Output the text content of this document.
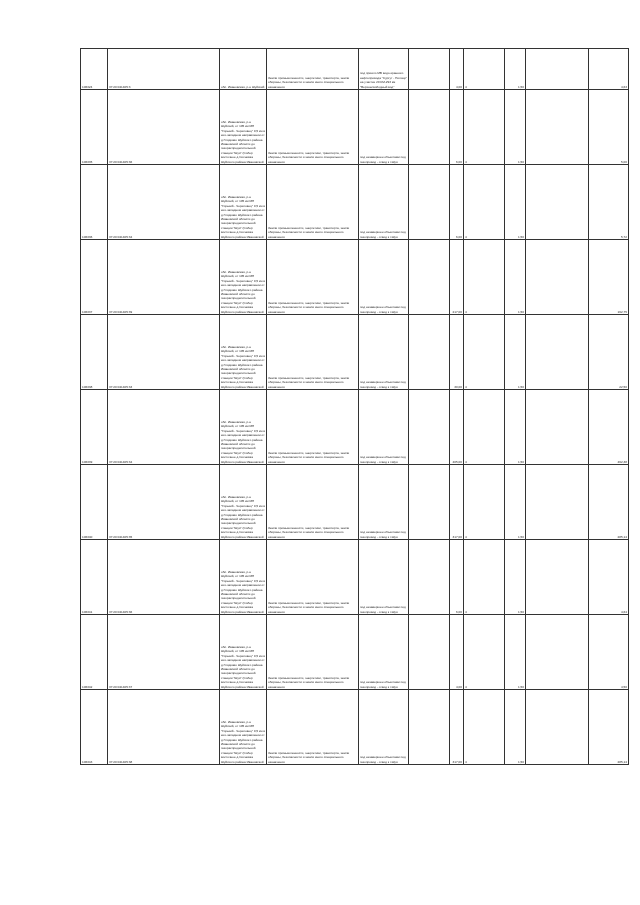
106324	37:20:041405:3	обл. Ивановская, р-н Шуйский	Земли промышленности, энергетики, транспорта, земли обороны, безопасности и земли иного специального назначения	под приюто МВ водо-кранного нефтепровода "Сургут - Полоцк" на участке 20 КМ-293 км "Верхнесвободный вод"		4,00	4	1,50		4,63
106335	37:20:041405:36	обл. Ивановская, р-н Шуйский, от 105 км МН "Горький - Череповец" 0,5 км в юго-западном направлении от д.Глядково Шуйского района Ивановской области до газораспределительной станции "Шуя" (Собер восточнее д.Сосновка Шуйского района Ивановской	Земли промышленности, энергетики, транспорта, земли обороны, безопасности и земли иного специального назначения	под незавершен объектами под газопровод - отвод к г.Шуя		6,00	4	1,50		5,00
106336	37:20:041405:34	обл. Ивановская, р-н Шуйский, от 105 км МН "Горький - Череповец" 0,5 км в юго-западном направлении от д.Глядково Шуйского района Ивановской области до газораспределительной станции "Шуя" (Собер восточнее д.Сосновка Шуйского района Ивановской	Земли промышленности, энергетики, транспорта, земли обороны, безопасности и земли иного специального назначения	под незавершен объектами под газопровод - отвод к г.Шуя		6,00	4	1,50		5,72
106337	37:20:041405:39	обл. Ивановская, р-н Шуйский, от 105 км МН "Горький - Череповец" 0,5 км в юго-западном направлении от д.Глядково Шуйского района Ивановской области до газораспределительной станции "Шуя" (Собер восточнее д.Сосновка Шуйского района Ивановской	Земли промышленности, энергетики, транспорта, земли обороны, безопасности и земли иного специального назначения	под незавершен объектами под газопровод - отвод к г.Шуя		217,00	4	1,50		162,75
106338	37:20:041405:33	обл. Ивановская, р-н Шуйский, от 105 км МН "Горький - Череповец" 0,5 км в юго-западном направлении от д.Глядково Шуйского района Ивановской области до газораспределительной станции "Шуя" (Собер восточнее д.Сосновка Шуйского района Ивановской	Земли промышленности, энергетики, транспорта, земли обороны, безопасности и земли иного специального назначения	под незавершен объектами под газопровод - отвод к г.Шуя		30,00	4	1,50		22,50
106339	37:20:041405:34	обл. Ивановская, р-н Шуйский, от 105 км МН "Горький - Череповец" 0,5 км в юго-западном направлении от д.Глядково Шуйского района Ивановской области до газораспределительной станции "Шуя" (Собер восточнее д.Сосновка Шуйского района Ивановской	Земли промышленности, энергетики, транспорта, земли обороны, безопасности и земли иного специального назначения	под незавершен объектами под газопровод - отвод к г.Шуя		405,00	4	1,50		462,38
106340	37:20:041405:35	обл. Ивановская, р-н Шуйский, от 105 км МН "Горький - Череповец" 0,5 км в юго-западном направлении от д.Глядково Шуйского района Ивановской области до газораспределительной станции "Шуя" (Собер восточнее д.Сосновка Шуйского района Ивановской	Земли промышленности, энергетики, транспорта, земли обороны, безопасности и земли иного специального назначения	под незавершен объектами под газопровод - отвод к г.Шуя		317,00	4	1,50		285,14
106341	37:20:041405:36	обл. Ивановская, р-н Шуйский, от 105 км МН "Горький - Череповец" 0,5 км в юго-западном направлении от д.Глядково Шуйского района Ивановской области до газораспределительной станции "Шуя" (Собер восточнее д.Сосновка Шуйского района Ивановской	Земли промышленности, энергетики, транспорта, земли обороны, безопасности и земли иного специального назначения	под незавершен объектами под газопровод - отвод к г.Шуя		6,00	4	1,50		4,64
106342	37:20:041405:37	обл. Ивановская, р-н Шуйский, от 105 км МН "Горький - Череповец" 0,5 км в юго-западном направлении от д.Глядково Шуйского района Ивановской области до газораспределительной станции "Шуя" (Собер восточнее д.Сосновка Шуйского района Ивановской	Земли промышленности, энергетики, транспорта, земли обороны, безопасности и земли иного специального назначения	под незавершен объектами под газопровод - отвод к г.Шуя		4,00	4	1,50		4,50
106343	37:20:041405:38	обл. Ивановская, р-н Шуйский, от 105 км МН "Горький - Череповец" 0,5 км в юго-западном направлении от д.Глядково Шуйского района Ивановской области до газораспределительной станции "Шуя" (Собер восточнее д.Сосновка Шуйского района Ивановской	Земли промышленности, энергетики, транспорта, земли обороны, безопасности и земли иного специального назначения	под незавершен объектами под газопровод - отвод к г.Шуя		317,00	4	1,50		285,14
